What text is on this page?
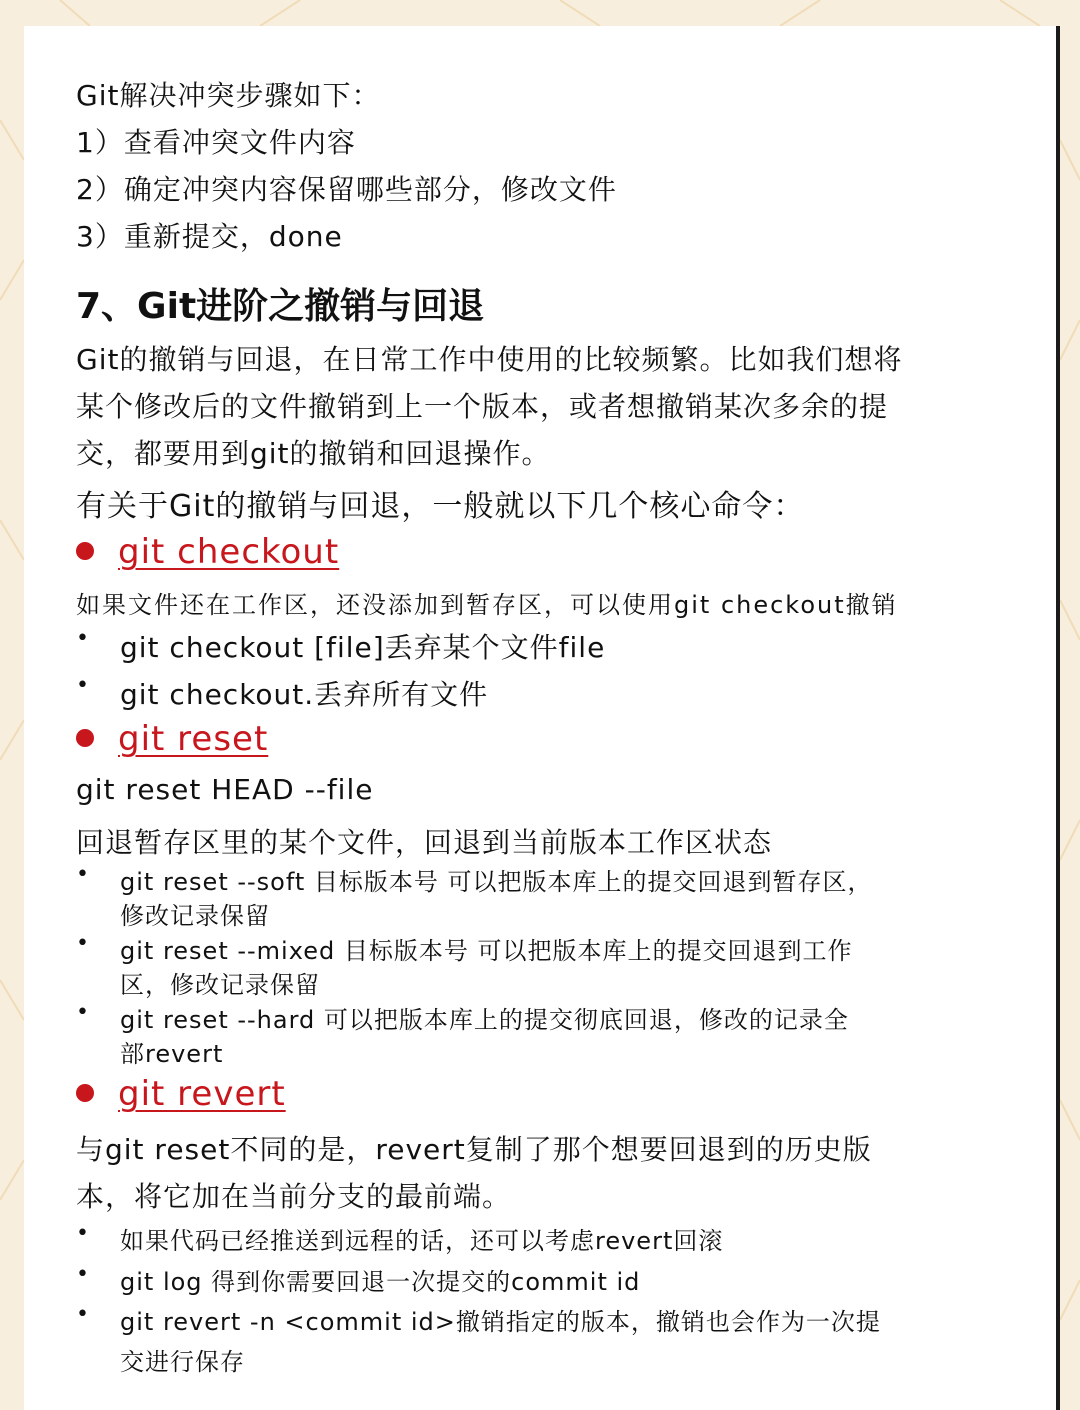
Git解决冲突步骤如下：
1）查看冲突文件内容
2）确定冲突内容保留哪些部分，修改文件
3）重新提交，done
7、Git进阶之撤销与回退
Git的撤销与回退，在日常工作中使用的比较频繁。比如我们想将
某个修改后的文件撤销到上一个版本，或者想撤销某次多余的提
交，都要用到git的撤销和回退操作。
有关于Git的撤销与回退，一般就以下几个核心命令：
git checkout
如果文件还在工作区，还没添加到暂存区，可以使用git checkout撤销
• git checkout [file]丢弃某个文件file
• git checkout.丢弃所有文件
git reset
git reset HEAD --file
回退暂存区里的某个文件，回退到当前版本工作区状态
• git reset --soft 目标版本号 可以把版本库上的提交回退到暂存区，
修改记录保留
• git reset --mixed 目标版本号 可以把版本库上的提交回退到工作
区，修改记录保留
• git reset --hard 可以把版本库上的提交彻底回退，修改的记录全
部revert
git revert
与git reset不同的是，revert复制了那个想要回退到的历史版
本，将它加在当前分支的最前端。
• 如果代码已经推送到远程的话，还可以考虑revert回滚
• git log 得到你需要回退一次提交的commit id
• git revert -n <commit id>撤销指定的版本，撤销也会作为一次提
交进行保存
